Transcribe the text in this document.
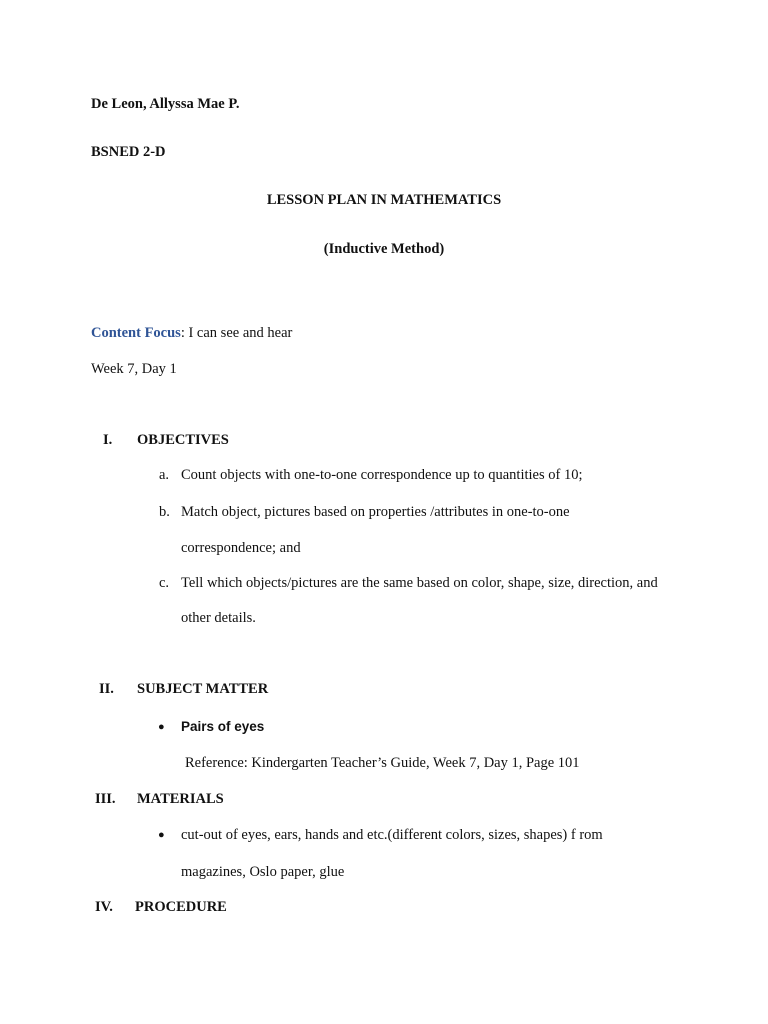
De Leon, Allyssa Mae P.
BSNED 2-D
LESSON PLAN IN MATHEMATICS
(Inductive Method)
Content Focus: I can see and hear
Week 7, Day 1
I. OBJECTIVES
a. Count objects with one-to-one correspondence up to quantities of 10;
b. Match object, pictures based on properties /attributes in one-to-one
correspondence; and
c. Tell which objects/pictures are the same based on color, shape, size, direction, and
other details.
II. SUBJECT MATTER
● Pairs of eyes
Reference: Kindergarten Teacher’s Guide, Week 7, Day 1, Page 101
III. MATERIALS
● cut-out of eyes, ears, hands and etc.(different colors, sizes, shapes) f rom
magazines, Oslo paper, glue
IV. PROCEDURE
